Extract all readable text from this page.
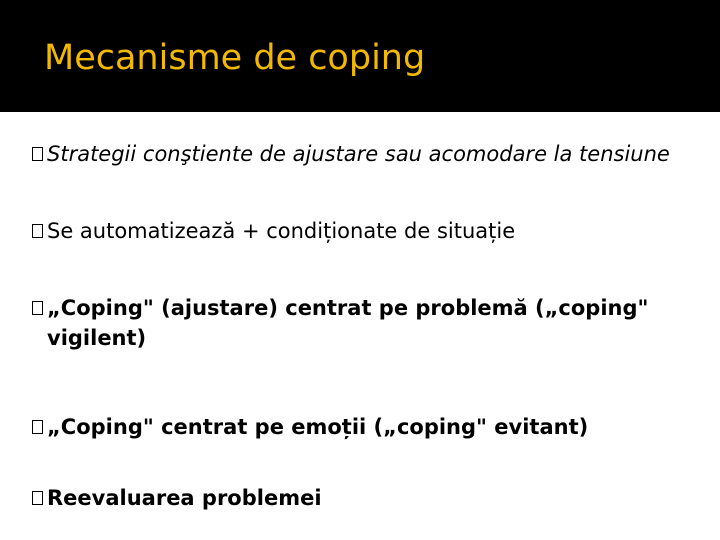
Mecanisme de coping
Strategii conştiente de ajustare sau acomodare la tensiune
Se automatizează + condiționate de situație
„Coping" (ajustare) centrat pe problemă („coping" vigilent)
„Coping" centrat pe emoții („coping" evitant)
Reevaluarea problemei
